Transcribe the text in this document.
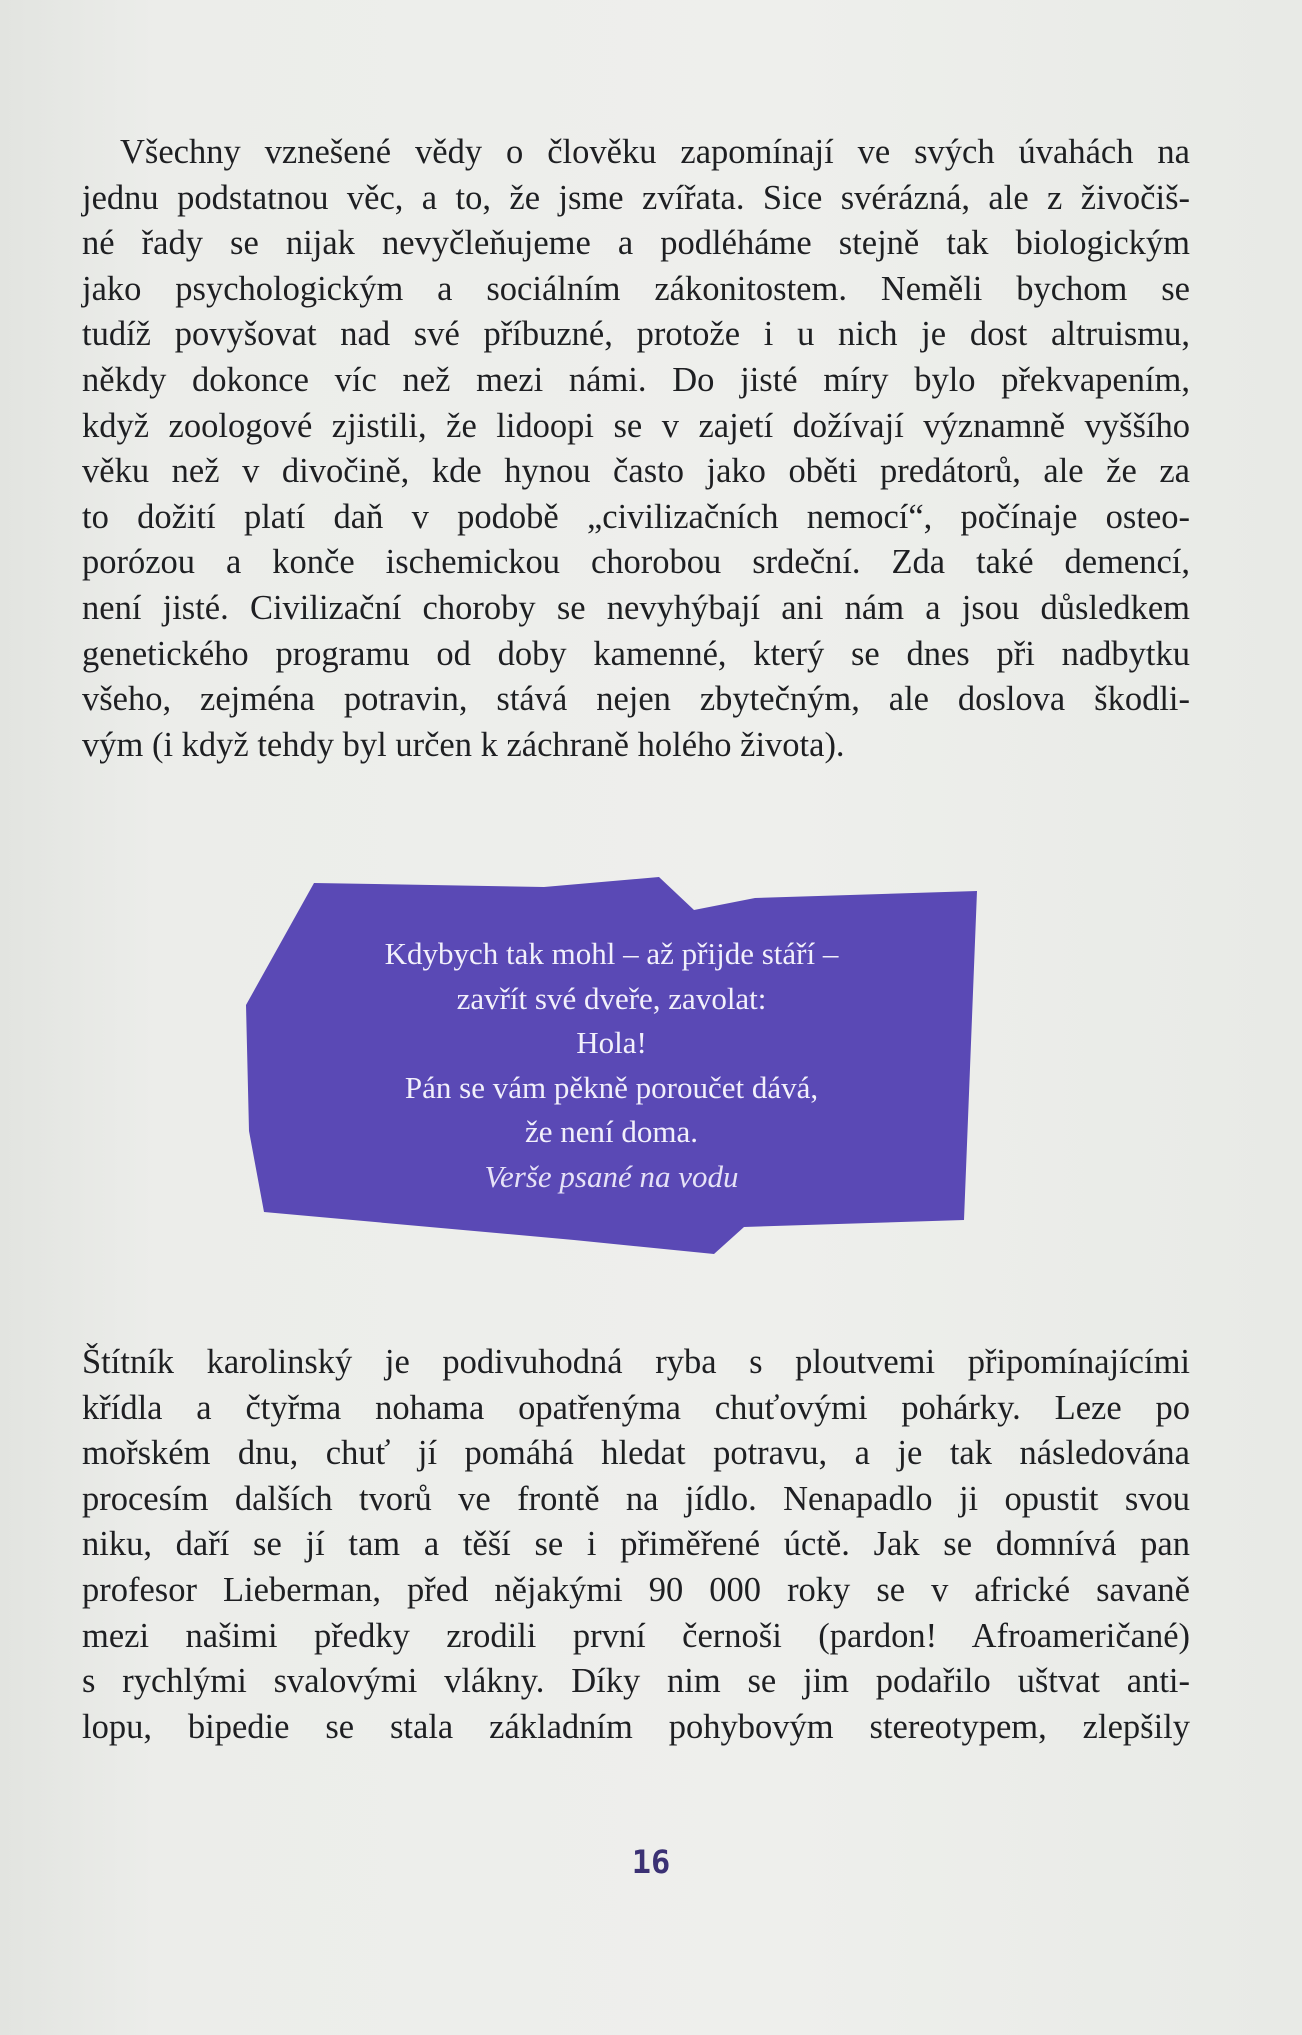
Všechny vznešené vědy o člověku zapomínají ve svých úvahách na
jednu podstatnou věc, a to, že jsme zvířata. Sice svérázná, ale z živočiš-
né řady se nijak nevyčleňujeme a podléháme stejně tak biologickým
jako psychologickým a sociálním zákonitostem. Neměli bychom se
tudíž povyšovat nad své příbuzné, protože i u nich je dost altruismu,
někdy dokonce víc než mezi námi. Do jisté míry bylo překvapením,
když zoologové zjistili, že lidoopi se v zajetí dožívají významně vyššího
věku než v divočině, kde hynou často jako oběti predátorů, ale že za
to dožití platí daň v podobě „civilizačních nemocí“, počínaje osteo-
porózou a konče ischemickou chorobou srdeční. Zda také demencí,
není jisté. Civilizační choroby se nevyhýbají ani nám a jsou důsledkem
genetického programu od doby kamenné, který se dnes při nadbytku
všeho, zejména potravin, stává nejen zbytečným, ale doslova škodli-
vým (i když tehdy byl určen k záchraně holého života).
Kdybych tak mohl – až přijde stáří –
zavřít své dveře, zavolat:
Hola!
Pán se vám pěkně poroučet dává,
že není doma.
Verše psané na vodu
Štítník karolinský je podivuhodná ryba s ploutvemi připomínajícími
křídla a čtyřma nohama opatřenýma chuťovými pohárky. Leze po
mořském dnu, chuť jí pomáhá hledat potravu, a je tak následována
procesím dalších tvorů ve frontě na jídlo. Nenapadlo ji opustit svou
niku, daří se jí tam a těší se i přiměřené úctě. Jak se domnívá pan
profesor Lieberman, před nějakými 90 000 roky se v africké savaně
mezi našimi předky zrodili první černoši (pardon! Afroameričané)
s rychlými svalovými vlákny. Díky nim se jim podařilo uštvat anti-
lopu, bipedie se stala základním pohybovým stereotypem, zlepšily
16
